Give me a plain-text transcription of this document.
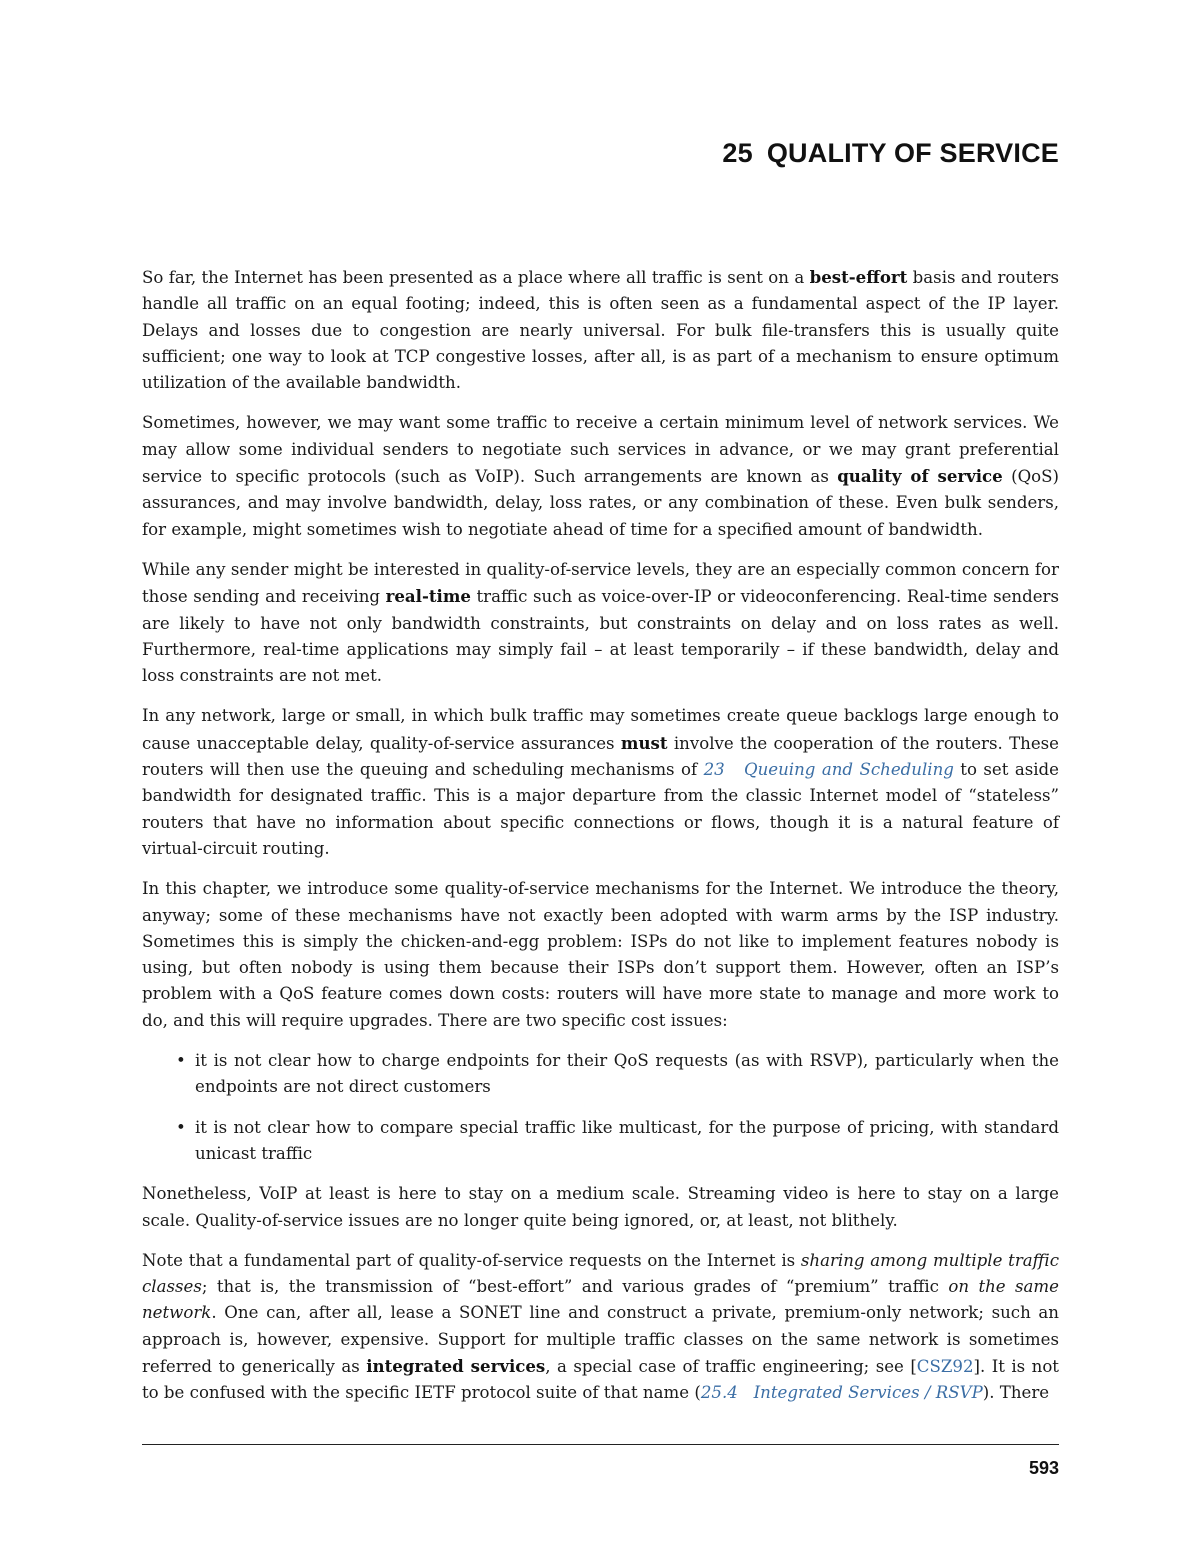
25 QUALITY OF SERVICE

So far, the Internet has been presented as a place where all traffic is sent on a best-effort basis and routers handle all traffic on an equal footing; indeed, this is often seen as a fundamental aspect of the IP layer. Delays and losses due to congestion are nearly universal. For bulk file-transfers this is usually quite sufficient; one way to look at TCP congestive losses, after all, is as part of a mechanism to ensure optimum utilization of the available bandwidth.

Sometimes, however, we may want some traffic to receive a certain minimum level of network services. We may allow some individual senders to negotiate such services in advance, or we may grant preferential service to specific protocols (such as VoIP). Such arrangements are known as quality of service (QoS) assurances, and may involve bandwidth, delay, loss rates, or any combination of these. Even bulk senders, for example, might sometimes wish to negotiate ahead of time for a specified amount of bandwidth.

While any sender might be interested in quality-of-service levels, they are an especially common concern for those sending and receiving real-time traffic such as voice-over-IP or videoconferencing. Real-time senders are likely to have not only bandwidth constraints, but constraints on delay and on loss rates as well. Furthermore, real-time applications may simply fail – at least temporarily – if these bandwidth, delay and loss constraints are not met.

In any network, large or small, in which bulk traffic may sometimes create queue backlogs large enough to cause unacceptable delay, quality-of-service assurances must involve the cooperation of the routers. These routers will then use the queuing and scheduling mechanisms of 23   Queuing and Scheduling to set aside bandwidth for designated traffic. This is a major departure from the classic Internet model of “stateless” routers that have no information about specific connections or flows, though it is a natural feature of virtual-circuit routing.

In this chapter, we introduce some quality-of-service mechanisms for the Internet. We introduce the theory, anyway; some of these mechanisms have not exactly been adopted with warm arms by the ISP industry. Sometimes this is simply the chicken-and-egg problem: ISPs do not like to implement features nobody is using, but often nobody is using them because their ISPs don’t support them. However, often an ISP’s problem with a QoS feature comes down costs: routers will have more state to manage and more work to do, and this will require upgrades. There are two specific cost issues:

• it is not clear how to charge endpoints for their QoS requests (as with RSVP), particularly when the endpoints are not direct customers
• it is not clear how to compare special traffic like multicast, for the purpose of pricing, with standard unicast traffic

Nonetheless, VoIP at least is here to stay on a medium scale. Streaming video is here to stay on a large scale. Quality-of-service issues are no longer quite being ignored, or, at least, not blithely.

Note that a fundamental part of quality-of-service requests on the Internet is sharing among multiple traffic classes; that is, the transmission of “best-effort” and various grades of “premium” traffic on the same network. One can, after all, lease a SONET line and construct a private, premium-only network; such an approach is, however, expensive. Support for multiple traffic classes on the same network is sometimes referred to generically as integrated services, a special case of traffic engineering; see [CSZ92]. It is not to be confused with the specific IETF protocol suite of that name (25.4   Integrated Services / RSVP). There

593
